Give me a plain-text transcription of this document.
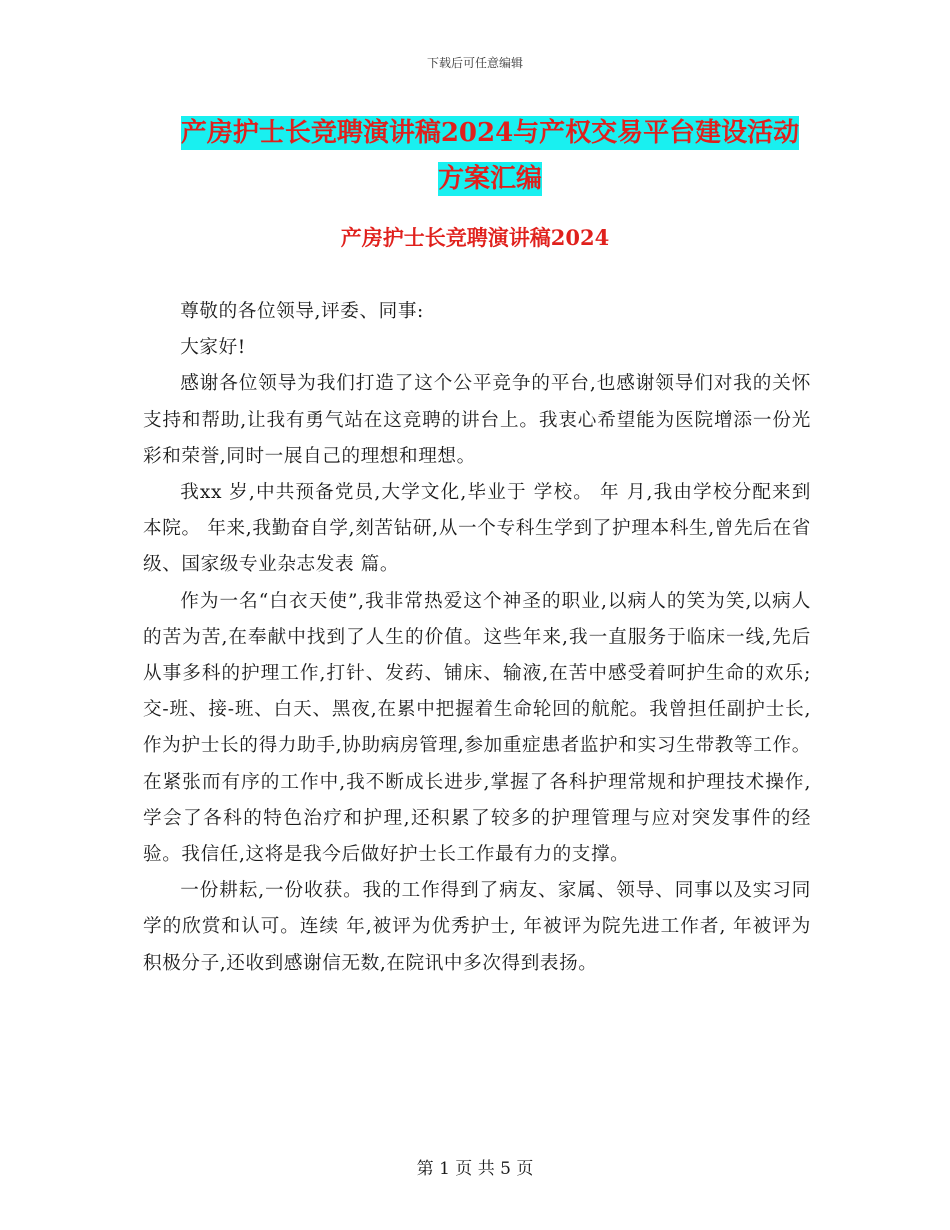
下载后可任意编辑
产房护士长竞聘演讲稿2024与产权交易平台建设活动
方案汇编
产房护士长竞聘演讲稿2024

尊敬的各位领导,评委、同事:

大家好!

感谢各位领导为我们打造了这个公平竞争的平台,也感谢领导们对我的关怀支持和帮助,让我有勇气站在这竞聘的讲台上。我衷心希望能为医院增添一份光彩和荣誉,同时一展自己的理想和理想。

我xx 岁,中共预备党员,大学文化,毕业于 学校。 年 月,我由学校分配来到本院。 年来,我勤奋自学,刻苦钻研,从一个专科生学到了护理本科生,曾先后在省级、国家级专业杂志发表 篇。

作为一名“白衣天使”,我非常热爱这个神圣的职业,以病人的笑为笑,以病人的苦为苦,在奉献中找到了人生的价值。这些年来,我一直服务于临床一线,先后从事多科的护理工作,打针、发药、铺床、输液,在苦中感受着呵护生命的欢乐;交-班、接-班、白天、黑夜,在累中把握着生命轮回的航舵。我曾担任副护士长,作为护士长的得力助手,协助病房管理,参加重症患者监护和实习生带教等工作。在紧张而有序的工作中,我不断成长进步,掌握了各科护理常规和护理技术操作,学会了各科的特色治疗和护理,还积累了较多的护理管理与应对突发事件的经验。我信任,这将是我今后做好护士长工作最有力的支撑。

一份耕耘,一份收获。我的工作得到了病友、家属、领导、同事以及实习同学的欣赏和认可。连续 年,被评为优秀护士, 年被评为院先进工作者, 年被评为 积极分子,还收到感谢信无数,在院讯中多次得到表扬。

第 1 页 共 5 页
